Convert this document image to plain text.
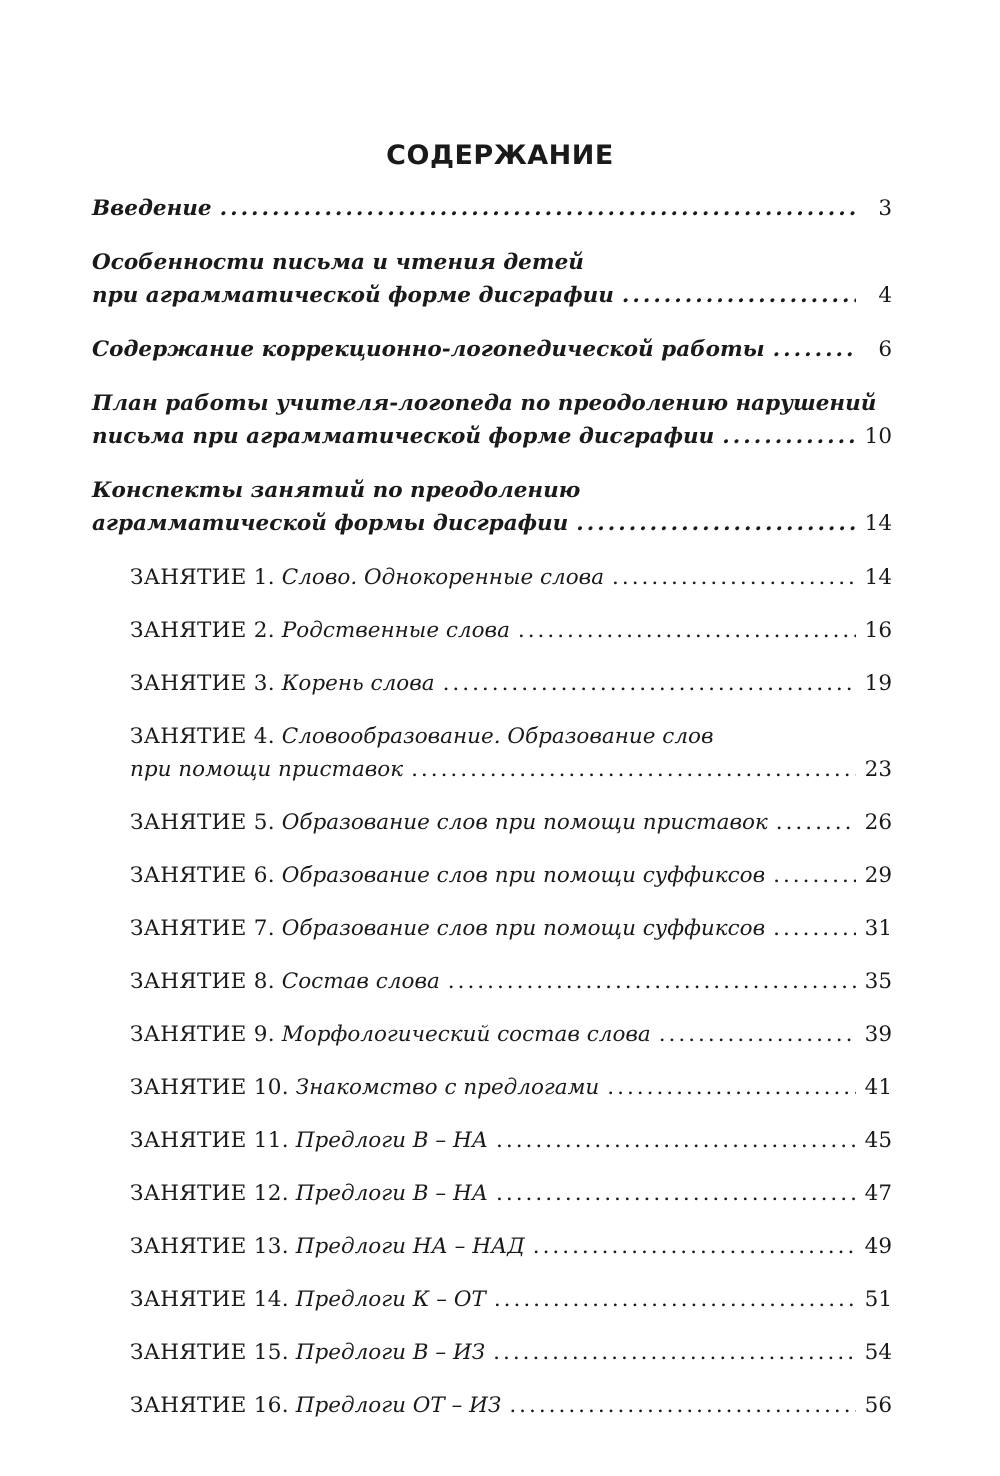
СОДЕРЖАНИЕ
Введение .....	3
Особенности письма и чтения детей
при аграмматической форме дисграфии .....	4
Содержание коррекционно-логопедической работы .....	6
План работы учителя-логопеда по преодолению нарушений
письма при аграмматической форме дисграфии .....	10
Конспекты занятий по преодолению
аграмматической формы дисграфии .....	14
ЗАНЯТИЕ 1. Слово. Однокоренные слова .....	14
ЗАНЯТИЕ 2. Родственные слова .....	16
ЗАНЯТИЕ 3. Корень слова .....	19
ЗАНЯТИЕ 4. Словообразование. Образование слов
при помощи приставок .....	23
ЗАНЯТИЕ 5. Образование слов при помощи приставок .....	26
ЗАНЯТИЕ 6. Образование слов при помощи суффиксов .....	29
ЗАНЯТИЕ 7. Образование слов при помощи суффиксов .....	31
ЗАНЯТИЕ 8. Состав слова .....	35
ЗАНЯТИЕ 9. Морфологический состав слова .....	39
ЗАНЯТИЕ 10. Знакомство с предлогами .....	41
ЗАНЯТИЕ 11. Предлоги В – НА .....	45
ЗАНЯТИЕ 12. Предлоги В – НА .....	47
ЗАНЯТИЕ 13. Предлоги НА – НАД .....	49
ЗАНЯТИЕ 14. Предлоги К – ОТ .....	51
ЗАНЯТИЕ 15. Предлоги В – ИЗ .....	54
ЗАНЯТИЕ 16. Предлоги ОТ – ИЗ .....	56
